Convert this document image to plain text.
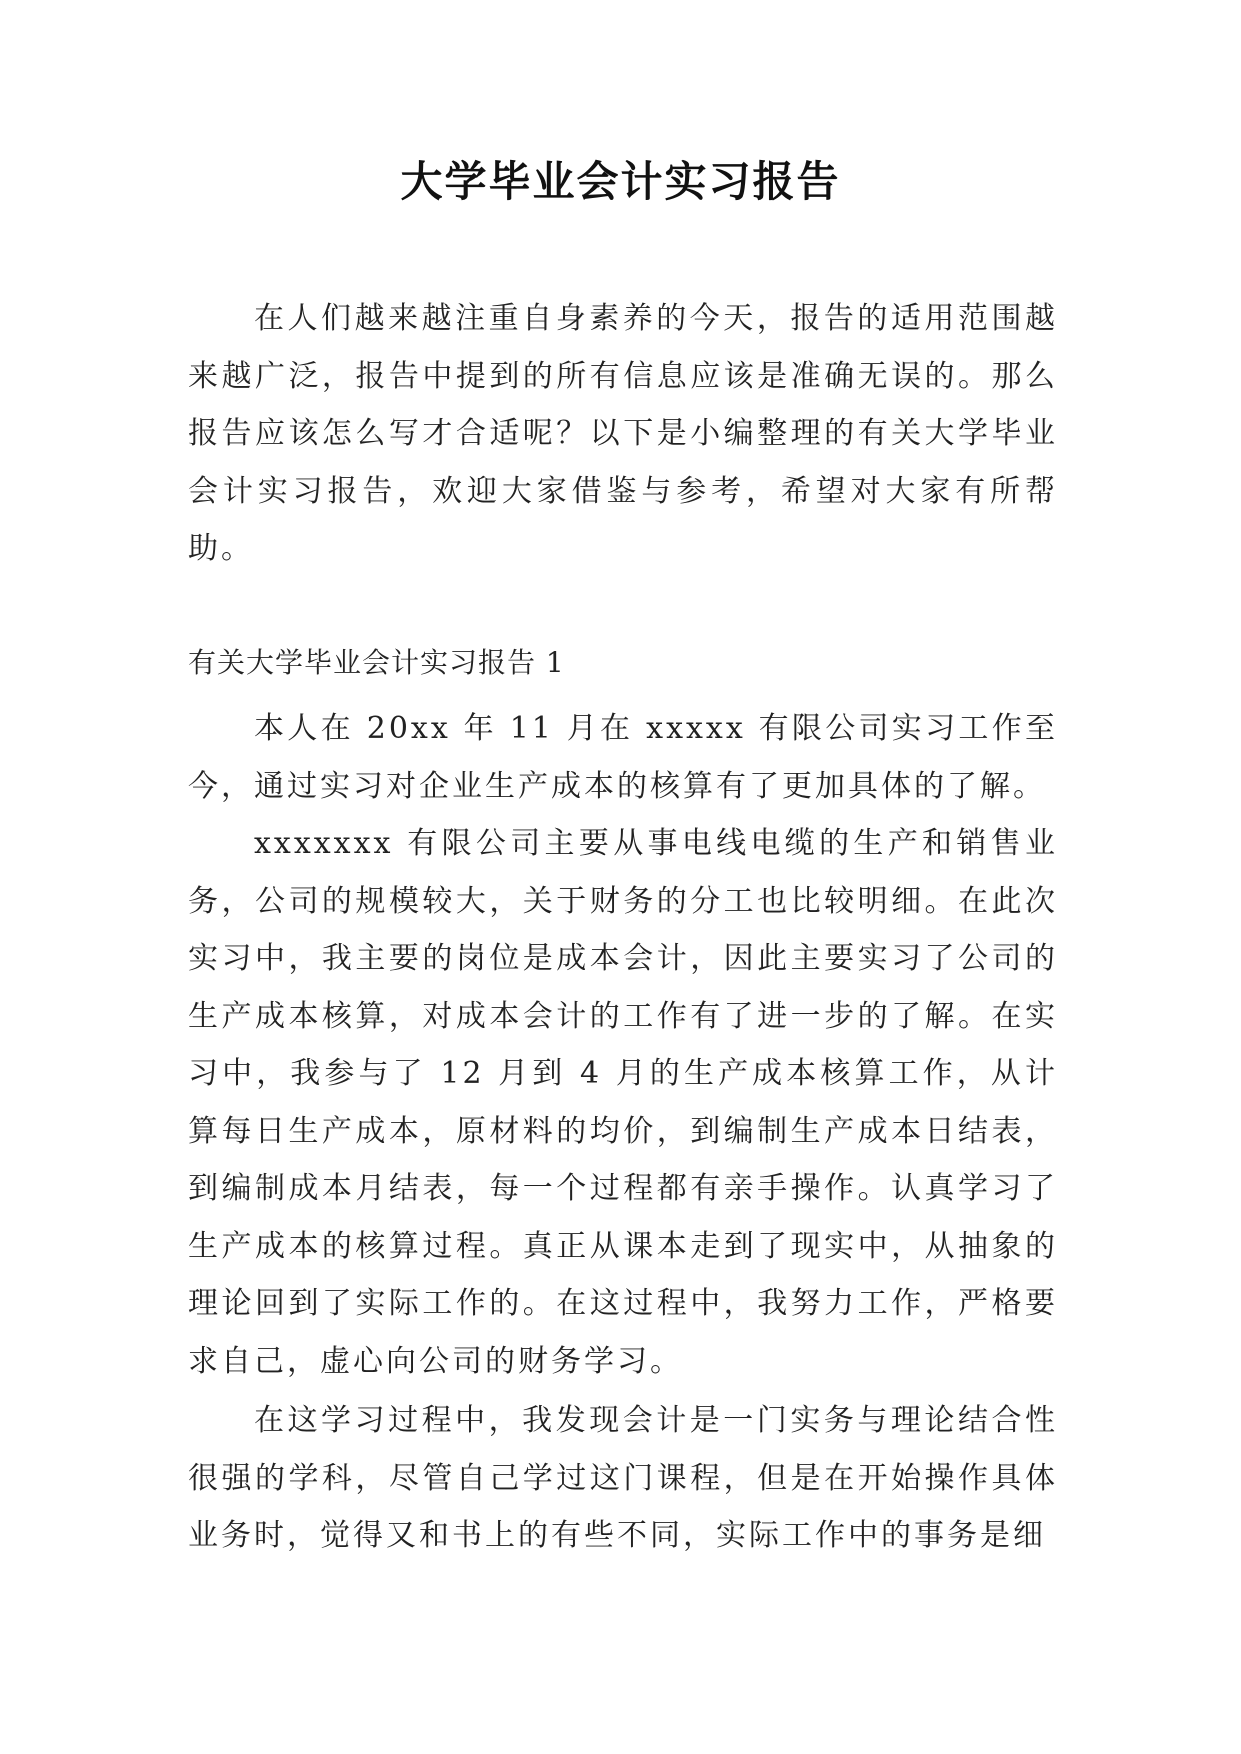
大学毕业会计实习报告

在人们越来越注重自身素养的今天，报告的适用范围越来越广泛，报告中提到的所有信息应该是准确无误的。那么报告应该怎么写才合适呢？以下是小编整理的有关大学毕业会计实习报告，欢迎大家借鉴与参考，希望对大家有所帮助。

有关大学毕业会计实习报告 1

本人在 20xx 年 11 月在 xxxxx 有限公司实习工作至今，通过实习对企业生产成本的核算有了更加具体的了解。

xxxxxxx 有限公司主要从事电线电缆的生产和销售业务，公司的规模较大，关于财务的分工也比较明细。在此次实习中，我主要的岗位是成本会计，因此主要实习了公司的生产成本核算，对成本会计的工作有了进一步的了解。在实习中，我参与了 12 月到 4 月的生产成本核算工作，从计算每日生产成本，原材料的均价，到编制生产成本日结表，到编制成本月结表，每一个过程都有亲手操作。认真学习了生产成本的核算过程。真正从课本走到了现实中，从抽象的理论回到了实际工作的。在这过程中，我努力工作，严格要求自己，虚心向公司的财务学习。

在这学习过程中，我发现会计是一门实务与理论结合性很强的学科，尽管自己学过这门课程，但是在开始操作具体业务时，觉得又和书上的有些不同，实际工作中的事务是细
